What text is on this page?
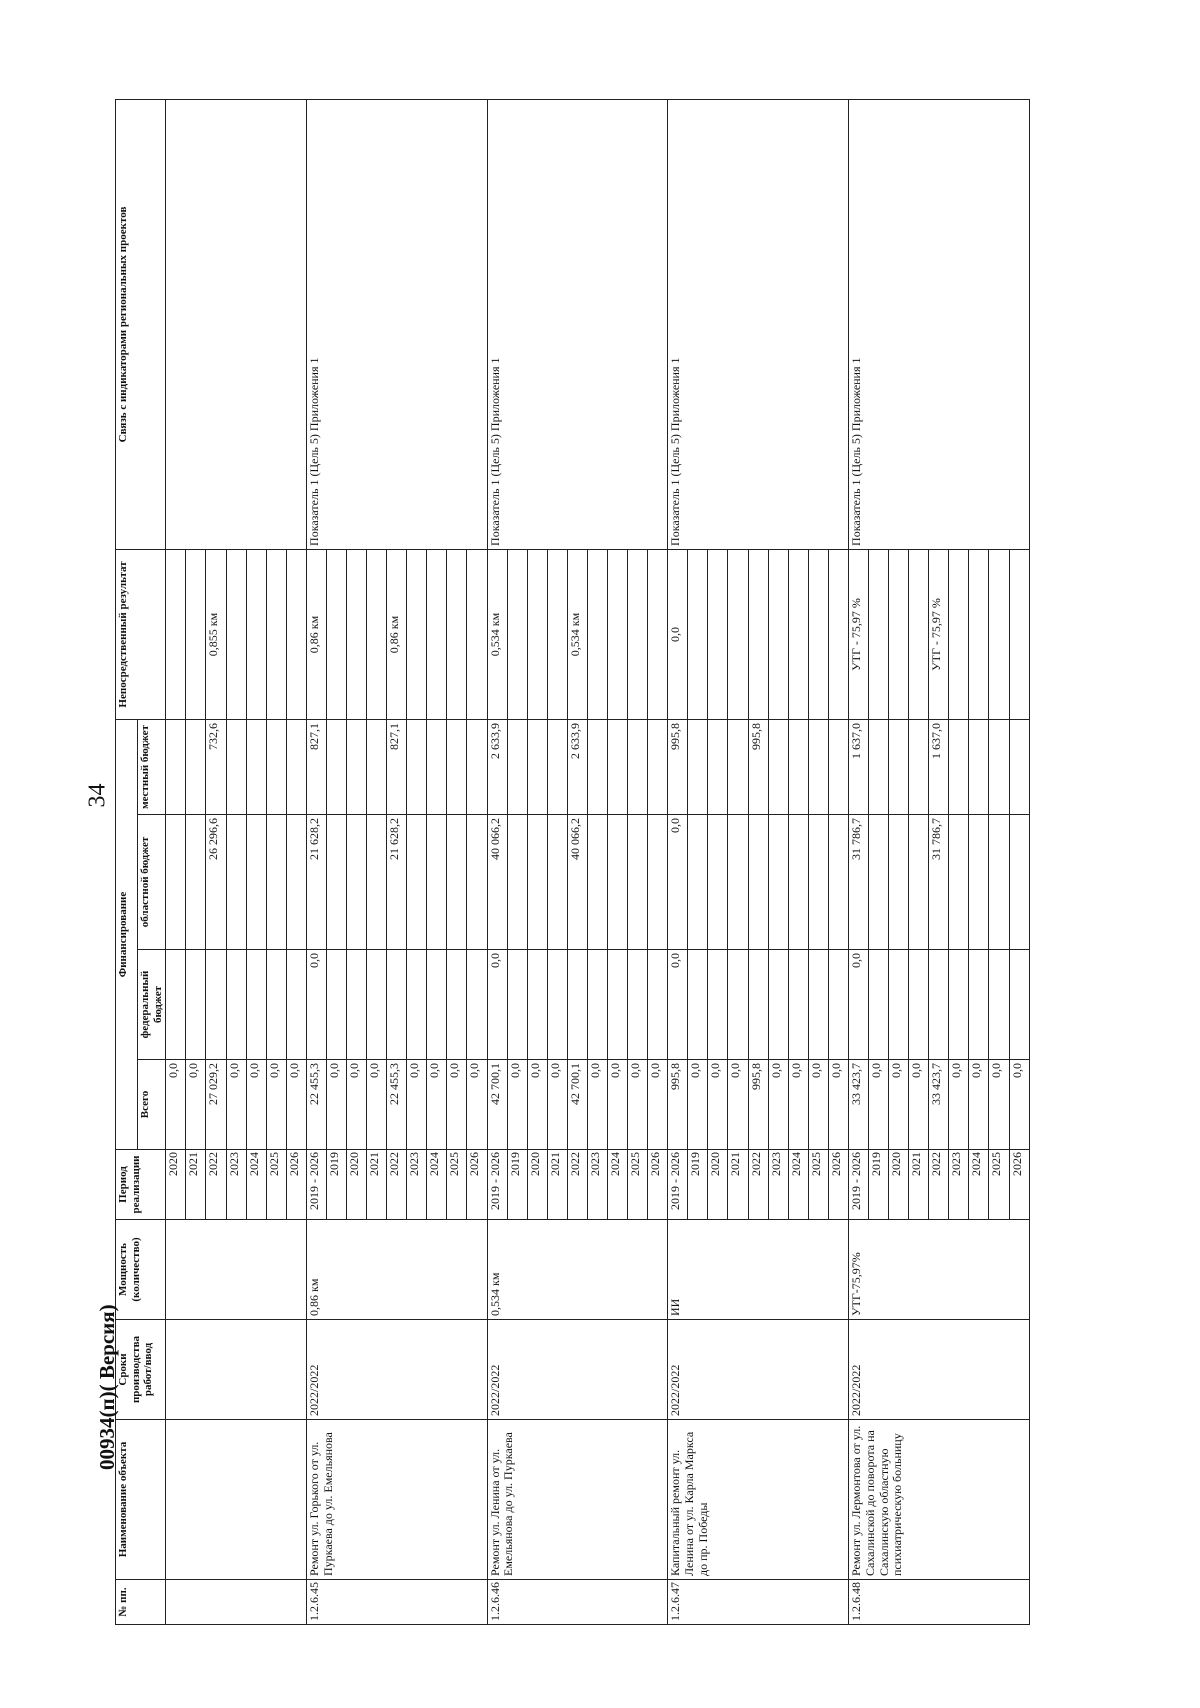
34
№ пп.	Наименование объекта	Сроки производства работ/ввод	Мощность (количество)	Период реализации	Финансирование				Непосредственный результат	Связь с индикаторами региональных проектов
					Всего	федеральный бюджет	областной бюджет	местный бюджет		
				2020	0,0					
				2021	0,0					
				2022	27 029,2		26 296,6	732,6	0,855 км	
				2023	0,0					
				2024	0,0					
				2025	0,0					
				2026	0,0					
1.2.6.45	Ремонт ул. Горького от ул. Пуркаева до ул. Емельянова	2022/2022	0,86 км	2019 - 2026	22 455,3	0,0	21 628,2	827,1	0,86 км	Показатель 1 (Цель 5) Приложения 1
				2019	0,0					
				2020	0,0					
				2021	0,0					
				2022	22 455,3		21 628,2	827,1	0,86 км	
				2023	0,0					
				2024	0,0					
				2025	0,0					
				2026	0,0					
1.2.6.46	Ремонт ул. Ленина от ул. Емельянова до ул. Пуркаева	2022/2022	0,534 км	2019 - 2026	42 700,1	0,0	40 066,2	2 633,9	0,534 км	Показатель 1 (Цель 5) Приложения 1
				2019	0,0					
				2020	0,0					
				2021	0,0					
				2022	42 700,1		40 066,2	2 633,9	0,534 км	
				2023	0,0					
				2024	0,0					
				2025	0,0					
				2026	0,0					
1.2.6.47	Капитальный ремонт ул. Ленина от ул. Карла Маркса до пр. Победы	2022/2022	ИИ	2019 - 2026	995,8	0,0	0,0	995,8	0,0	Показатель 1 (Цель 5) Приложения 1
				2019	0,0					
				2020	0,0					
				2021	0,0					
				2022	995,8			995,8		
				2023	0,0					
				2024	0,0					
				2025	0,0					
				2026	0,0					
1.2.6.48	Ремонт ул. Лермонтова от ул. Сахалинской до поворота на Сахалинскую областную психиатрическую больницу	2022/2022	УТГ-75,97%	2019 - 2026	33 423,7	0,0	31 786,7	1 637,0	УТГ - 75,97 %	Показатель 1 (Цель 5) Приложения 1
				2019	0,0					
				2020	0,0					
				2021	0,0					
				2022	33 423,7		31 786,7	1 637,0	УТГ - 75,97 %	
				2023	0,0					
				2024	0,0					
				2025	0,0					
				2026	0,0					
00934(п)( Версия)
